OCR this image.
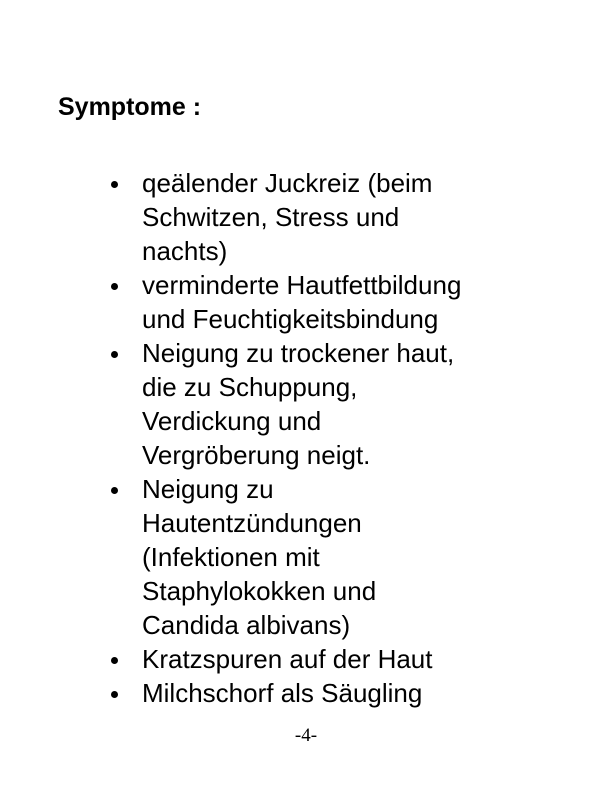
Symptome :
qeälender Juckreiz (beim
Schwitzen, Stress und
nachts)
verminderte Hautfettbildung
und Feuchtigkeitsbindung
Neigung zu trockener haut,
die zu Schuppung,
Verdickung und
Vergröberung neigt.
Neigung zu
Hautentzündungen
(Infektionen mit
Staphylokokken und
Candida albivans)
Kratzspuren auf der Haut
Milchschorf als Säugling
-4-
